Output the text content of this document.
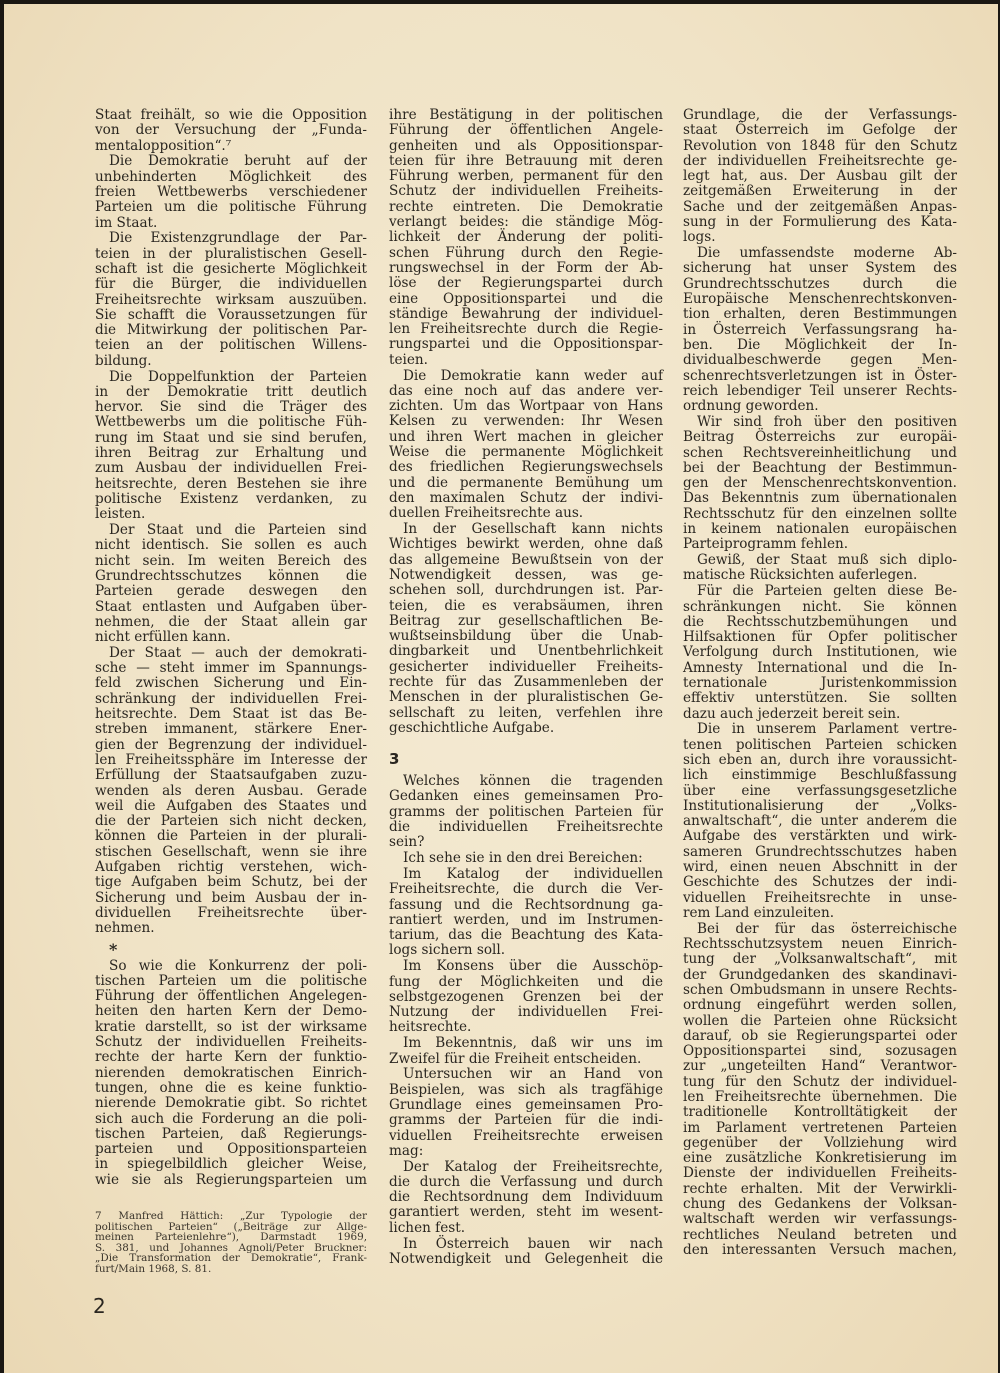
Staat freihält, so wie die Opposition
von der Versuchung der „Funda-
mentalopposition“.⁷
Die Demokratie beruht auf der
unbehinderten Möglichkeit des
freien Wettbewerbs verschiedener
Parteien um die politische Führung
im Staat.
Die Existenzgrundlage der Par-
teien in der pluralistischen Gesell-
schaft ist die gesicherte Möglichkeit
für die Bürger, die individuellen
Freiheitsrechte wirksam auszuüben.
Sie schafft die Voraussetzungen für
die Mitwirkung der politischen Par-
teien an der politischen Willens-
bildung.
Die Doppelfunktion der Parteien
in der Demokratie tritt deutlich
hervor. Sie sind die Träger des
Wettbewerbs um die politische Füh-
rung im Staat und sie sind berufen,
ihren Beitrag zur Erhaltung und
zum Ausbau der individuellen Frei-
heitsrechte, deren Bestehen sie ihre
politische Existenz verdanken, zu
leisten.
Der Staat und die Parteien sind
nicht identisch. Sie sollen es auch
nicht sein. Im weiten Bereich des
Grundrechtsschutzes können die
Parteien gerade deswegen den
Staat entlasten und Aufgaben über-
nehmen, die der Staat allein gar
nicht erfüllen kann.
Der Staat — auch der demokrati-
sche — steht immer im Spannungs-
feld zwischen Sicherung und Ein-
schränkung der individuellen Frei-
heitsrechte. Dem Staat ist das Be-
streben immanent, stärkere Ener-
gien der Begrenzung der individuel-
len Freiheitssphäre im Interesse der
Erfüllung der Staatsaufgaben zuzu-
wenden als deren Ausbau. Gerade
weil die Aufgaben des Staates und
die der Parteien sich nicht decken,
können die Parteien in der plurali-
stischen Gesellschaft, wenn sie ihre
Aufgaben richtig verstehen, wich-
tige Aufgaben beim Schutz, bei der
Sicherung und beim Ausbau der in-
dividuellen Freiheitsrechte über-
nehmen.
*
So wie die Konkurrenz der poli-
tischen Parteien um die politische
Führung der öffentlichen Angelegen-
heiten den harten Kern der Demo-
kratie darstellt, so ist der wirksame
Schutz der individuellen Freiheits-
rechte der harte Kern der funktio-
nierenden demokratischen Einrich-
tungen, ohne die es keine funktio-
nierende Demokratie gibt. So richtet
sich auch die Forderung an die poli-
tischen Parteien, daß Regierungs-
parteien und Oppositionsparteien
in spiegelbildlich gleicher Weise,
wie sie als Regierungsparteien um
ihre Bestätigung in der politischen
Führung der öffentlichen Angele-
genheiten und als Oppositionspar-
teien für ihre Betrauung mit deren
Führung werben, permanent für den
Schutz der individuellen Freiheits-
rechte eintreten. Die Demokratie
verlangt beides: die ständige Mög-
lichkeit der Änderung der politi-
schen Führung durch den Regie-
rungswechsel in der Form der Ab-
löse der Regierungspartei durch
eine Oppositionspartei und die
ständige Bewahrung der individuel-
len Freiheitsrechte durch die Regie-
rungspartei und die Oppositionspar-
teien.
Die Demokratie kann weder auf
das eine noch auf das andere ver-
zichten. Um das Wortpaar von Hans
Kelsen zu verwenden: Ihr Wesen
und ihren Wert machen in gleicher
Weise die permanente Möglichkeit
des friedlichen Regierungswechsels
und die permanente Bemühung um
den maximalen Schutz der indivi-
duellen Freiheitsrechte aus.
In der Gesellschaft kann nichts
Wichtiges bewirkt werden, ohne daß
das allgemeine Bewußtsein von der
Notwendigkeit dessen, was ge-
schehen soll, durchdrungen ist. Par-
teien, die es verabsäumen, ihren
Beitrag zur gesellschaftlichen Be-
wußtseinsbildung über die Unab-
dingbarkeit und Unentbehrlichkeit
gesicherter individueller Freiheits-
rechte für das Zusammenleben der
Menschen in der pluralistischen Ge-
sellschaft zu leiten, verfehlen ihre
geschichtliche Aufgabe.
3
Welches können die tragenden
Gedanken eines gemeinsamen Pro-
gramms der politischen Parteien für
die individuellen Freiheitsrechte
sein?
Ich sehe sie in den drei Bereichen:
Im Katalog der individuellen
Freiheitsrechte, die durch die Ver-
fassung und die Rechtsordnung ga-
rantiert werden, und im Instrumen-
tarium, das die Beachtung des Kata-
logs sichern soll.
Im Konsens über die Ausschöp-
fung der Möglichkeiten und die
selbstgezogenen Grenzen bei der
Nutzung der individuellen Frei-
heitsrechte.
Im Bekenntnis, daß wir uns im
Zweifel für die Freiheit entscheiden.
Untersuchen wir an Hand von
Beispielen, was sich als tragfähige
Grundlage eines gemeinsamen Pro-
gramms der Parteien für die indi-
viduellen Freiheitsrechte erweisen
mag:
Der Katalog der Freiheitsrechte,
die durch die Verfassung und durch
die Rechtsordnung dem Individuum
garantiert werden, steht im wesent-
lichen fest.
In Österreich bauen wir nach
Notwendigkeit und Gelegenheit die
Grundlage, die der Verfassungs-
staat Österreich im Gefolge der
Revolution von 1848 für den Schutz
der individuellen Freiheitsrechte ge-
legt hat, aus. Der Ausbau gilt der
zeitgemäßen Erweiterung in der
Sache und der zeitgemäßen Anpas-
sung in der Formulierung des Kata-
logs.
Die umfassendste moderne Ab-
sicherung hat unser System des
Grundrechtsschutzes durch die
Europäische Menschenrechtskonven-
tion erhalten, deren Bestimmungen
in Österreich Verfassungsrang ha-
ben. Die Möglichkeit der In-
dividualbeschwerde gegen Men-
schenrechtsverletzungen ist in Öster-
reich lebendiger Teil unserer Rechts-
ordnung geworden.
Wir sind froh über den positiven
Beitrag Österreichs zur europäi-
schen Rechtsvereinheitlichung und
bei der Beachtung der Bestimmun-
gen der Menschenrechtskonvention.
Das Bekenntnis zum übernationalen
Rechtsschutz für den einzelnen sollte
in keinem nationalen europäischen
Parteiprogramm fehlen.
Gewiß, der Staat muß sich diplo-
matische Rücksichten auferlegen.
Für die Parteien gelten diese Be-
schränkungen nicht. Sie können
die Rechtsschutzbemühungen und
Hilfsaktionen für Opfer politischer
Verfolgung durch Institutionen, wie
Amnesty International und die In-
ternationale Juristenkommission
effektiv unterstützen. Sie sollten
dazu auch jederzeit bereit sein.
Die in unserem Parlament vertre-
tenen politischen Parteien schicken
sich eben an, durch ihre voraussicht-
lich einstimmige Beschlußfassung
über eine verfassungsgesetzliche
Institutionalisierung der „Volks-
anwaltschaft“, die unter anderem die
Aufgabe des verstärkten und wirk-
sameren Grundrechtsschutzes haben
wird, einen neuen Abschnitt in der
Geschichte des Schutzes der indi-
viduellen Freiheitsrechte in unse-
rem Land einzuleiten.
Bei der für das österreichische
Rechtsschutzsystem neuen Einrich-
tung der „Volksanwaltschaft“, mit
der Grundgedanken des skandinavi-
schen Ombudsmann in unsere Rechts-
ordnung eingeführt werden sollen,
wollen die Parteien ohne Rücksicht
darauf, ob sie Regierungspartei oder
Oppositionspartei sind, sozusagen
zur „ungeteilten Hand“ Verantwor-
tung für den Schutz der individuel-
len Freiheitsrechte übernehmen. Die
traditionelle Kontrolltätigkeit der
im Parlament vertretenen Parteien
gegenüber der Vollziehung wird
eine zusätzliche Konkretisierung im
Dienste der individuellen Freiheits-
rechte erhalten. Mit der Verwirkli-
chung des Gedankens der Volksan-
waltschaft werden wir verfassungs-
rechtliches Neuland betreten und
den interessanten Versuch machen,
7 Manfred Hättich: „Zur Typologie der
politischen Parteien“ („Beiträge zur Allge-
meinen Parteienlehre“), Darmstadt 1969,
S. 381, und Johannes Agnoli/Peter Bruckner:
„Die Transformation der Demokratie“, Frank-
furt/Main 1968, S. 81.
2
